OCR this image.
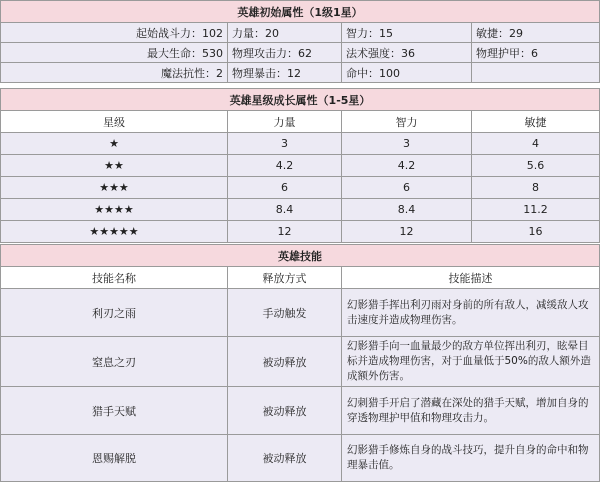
英雄初始属性（1级1星）			
起始战斗力：102	力量：20	智力：15	敏捷：29
最大生命：530	物理攻击力：62	法术强度：36	物理护甲：6
魔法抗性：2	物理暴击：12	命中：100	
英雄星级成长属性（1-5星）			
星级	力量	智力	敏捷
★	3	3	4
★★	4.2	4.2	5.6
★★★	6	6	8
★★★★	8.4	8.4	11.2
★★★★★	12	12	16
英雄技能		
技能名称	释放方式	技能描述
利刃之雨	手动触发	幻影猎手挥出利刃雨对身前的所有敌人，减缓敌人攻击速度并造成物理伤害。
窒息之刃	被动释放	幻影猎手向一血量最少的敌方单位挥出利刃，眩晕目标并造成物理伤害，对于血量低于50%的敌人额外造成额外伤害。
猎手天赋	被动释放	幻刺猎手开启了潜藏在深处的猎手天赋，增加自身的穿透物理护甲值和物理攻击力。
恩赐解脱	被动释放	幻影猎手修炼自身的战斗技巧，提升自身的命中和物理暴击值。
